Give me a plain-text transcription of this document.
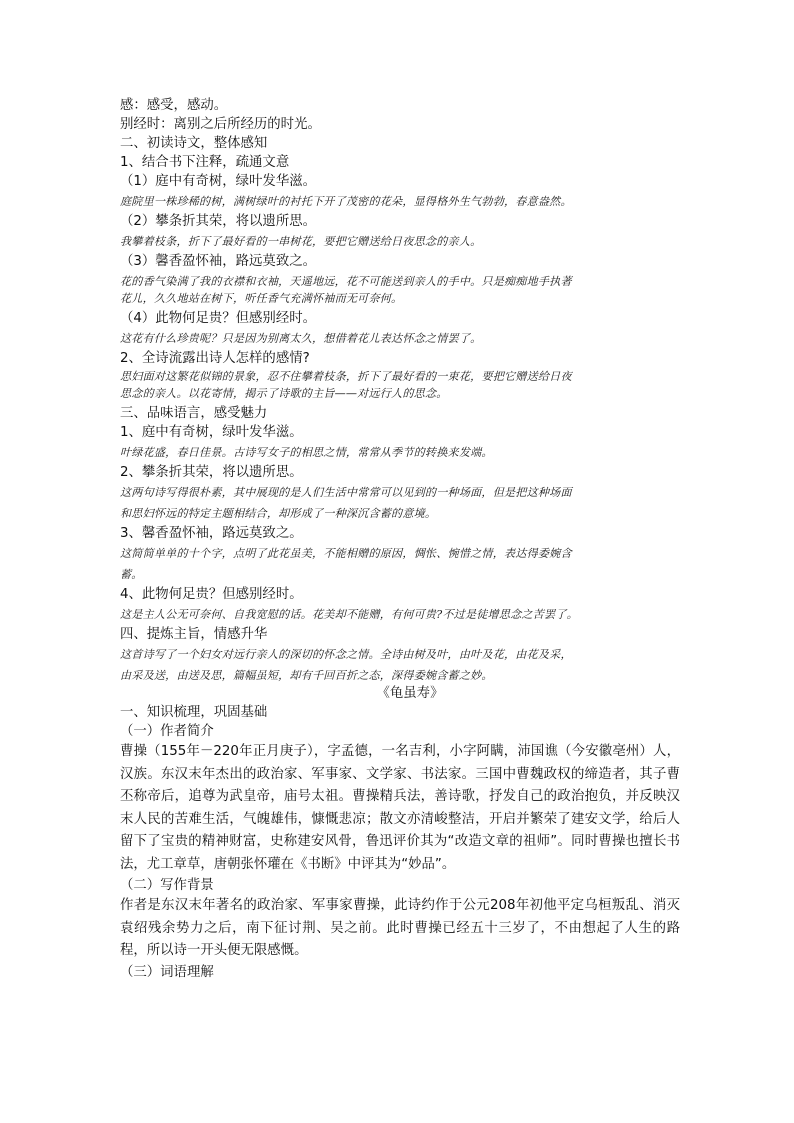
感：感受，感动。
别经时：离别之后所经历的时光。
二、初读诗文，整体感知
1、结合书下注释，疏通文意
（1）庭中有奇树，绿叶发华滋。
庭院里一株珍稀的树，满树绿叶的衬托下开了茂密的花朵，显得格外生气勃勃，春意盎然。
（2）攀条折其荣，将以遗所思。
我攀着枝条，折下了最好看的一串树花，要把它赠送给日夜思念的亲人。
（3）馨香盈怀袖，路远莫致之。
花的香气染满了我的衣襟和衣袖，天遥地远，花不可能送到亲人的手中。只是痴痴地手执著
花儿，久久地站在树下，听任香气充满怀袖而无可奈何。
（4）此物何足贵？但感别经时。
这花有什么珍贵呢？只是因为别离太久，想借着花儿表达怀念之情罢了。
2、全诗流露出诗人怎样的感情?
思妇面对这繁花似锦的景象，忍不住攀着枝条，折下了最好看的一束花，要把它赠送给日夜
思念的亲人。以花寄情，揭示了诗歌的主旨——对远行人的思念。
三、品味语言，感受魅力
1、庭中有奇树，绿叶发华滋。
叶绿花盛，春日佳景。古诗写女子的相思之情，常常从季节的转换来发端。
2、攀条折其荣，将以遗所思。
这两句诗写得很朴素，其中展现的是人们生活中常常可以见到的一种场面，但是把这种场面
和思妇怀远的特定主题相结合，却形成了一种深沉含蓄的意境。
3、馨香盈怀袖，路远莫致之。
这简简单单的十个字，点明了此花虽美，不能相赠的原因，惆怅、惋惜之情，表达得委婉含
蓄。
4、此物何足贵？但感别经时。
这是主人公无可奈何、自我宽慰的话。花美却不能赠，有何可贵?不过是徒增思念之苦罢了。
四、提炼主旨，情感升华
这首诗写了一个妇女对远行亲人的深切的怀念之情。全诗由树及叶，由叶及花，由花及采，
由采及送，由送及思，篇幅虽短，却有千回百折之态，深得委婉含蓄之妙。
《龟虽寿》
一、知识梳理，巩固基础
（一）作者简介
曹操（155年－220年正月庚子），字孟德，一名吉利，小字阿瞒，沛国谯（今安徽亳州）人，汉族。东汉末年杰出的政治家、军事家、文学家、书法家。三国中曹魏政权的缔造者，其子曹丕称帝后，追尊为武皇帝，庙号太祖。曹操精兵法，善诗歌，抒发自己的政治抱负，并反映汉末人民的苦难生活，气魄雄伟，慷慨悲凉；散文亦清峻整洁，开启并繁荣了建安文学，给后人留下了宝贵的精神财富，史称建安风骨，鲁迅评价其为“改造文章的祖师”。同时曹操也擅长书法，尤工章草，唐朝张怀瓘在《书断》中评其为“妙品”。
（二）写作背景
作者是东汉末年著名的政治家、军事家曹操，此诗约作于公元208年初他平定乌桓叛乱、消灭袁绍残余势力之后，南下征讨荆、吴之前。此时曹操已经五十三岁了，不由想起了人生的路程，所以诗一开头便无限感慨。
（三）词语理解
